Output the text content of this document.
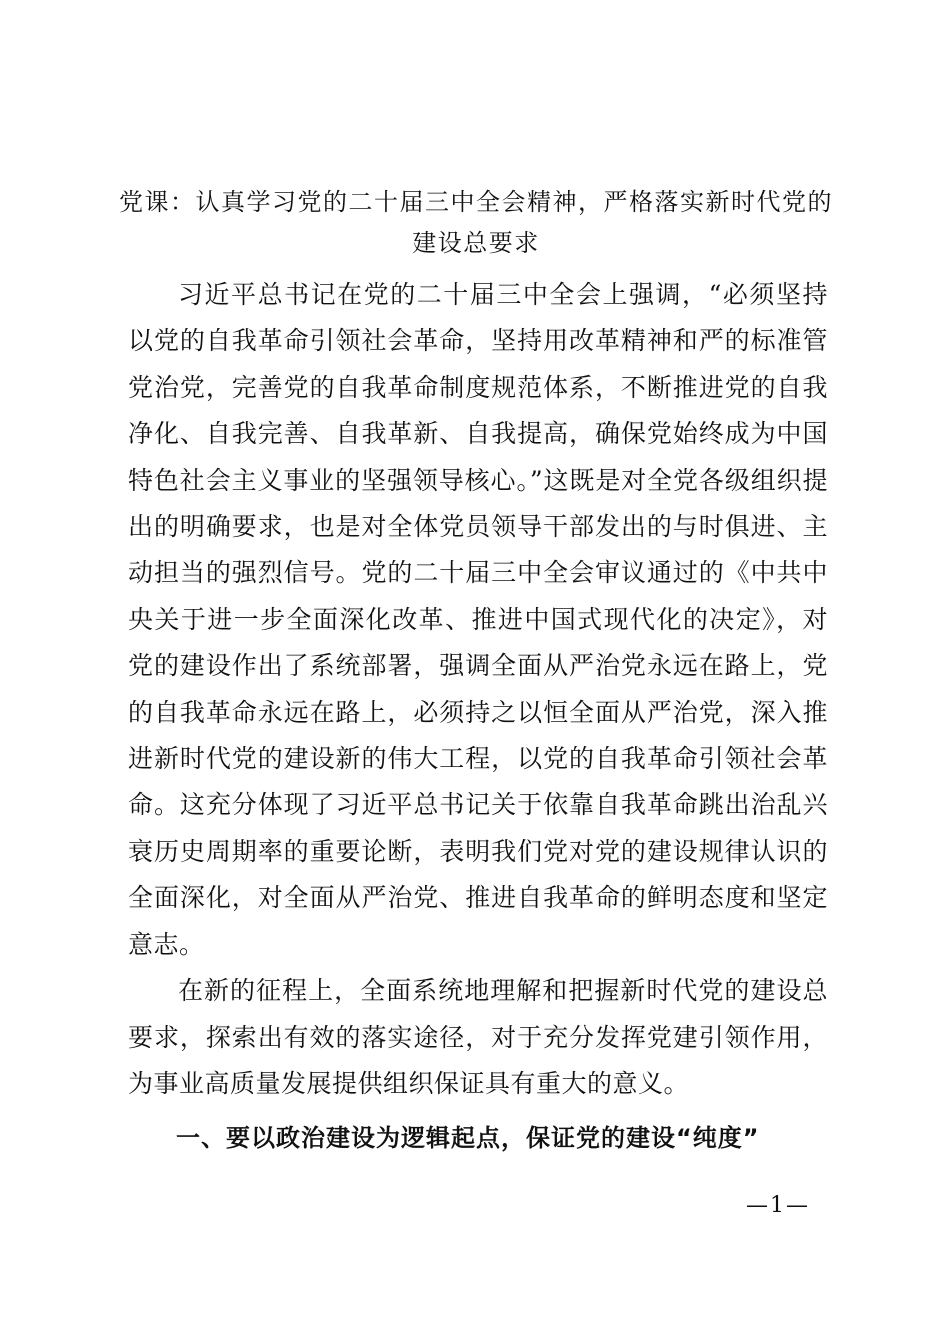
党课：认真学习党的二十届三中全会精神，严格落实新时代党的建设总要求

习近平总书记在党的二十届三中全会上强调，“必须坚持以党的自我革命引领社会革命，坚持用改革精神和严的标准管党治党，完善党的自我革命制度规范体系，不断推进党的自我净化、自我完善、自我革新、自我提高，确保党始终成为中国特色社会主义事业的坚强领导核心。”这既是对全党各级组织提出的明确要求，也是对全体党员领导干部发出的与时俱进、主动担当的强烈信号。党的二十届三中全会审议通过的《中共中央关于进一步全面深化改革、推进中国式现代化的决定》，对党的建设作出了系统部署，强调全面从严治党永远在路上，党的自我革命永远在路上，必须持之以恒全面从严治党，深入推进新时代党的建设新的伟大工程，以党的自我革命引领社会革命。这充分体现了习近平总书记关于依靠自我革命跳出治乱兴衰历史周期率的重要论断，表明我们党对党的建设规律认识的全面深化，对全面从严治党、推进自我革命的鲜明态度和坚定意志。

在新的征程上，全面系统地理解和把握新时代党的建设总要求，探索出有效的落实途径，对于充分发挥党建引领作用，为事业高质量发展提供组织保证具有重大的意义。

一、要以政治建设为逻辑起点，保证党的建设“纯度”
—1—
